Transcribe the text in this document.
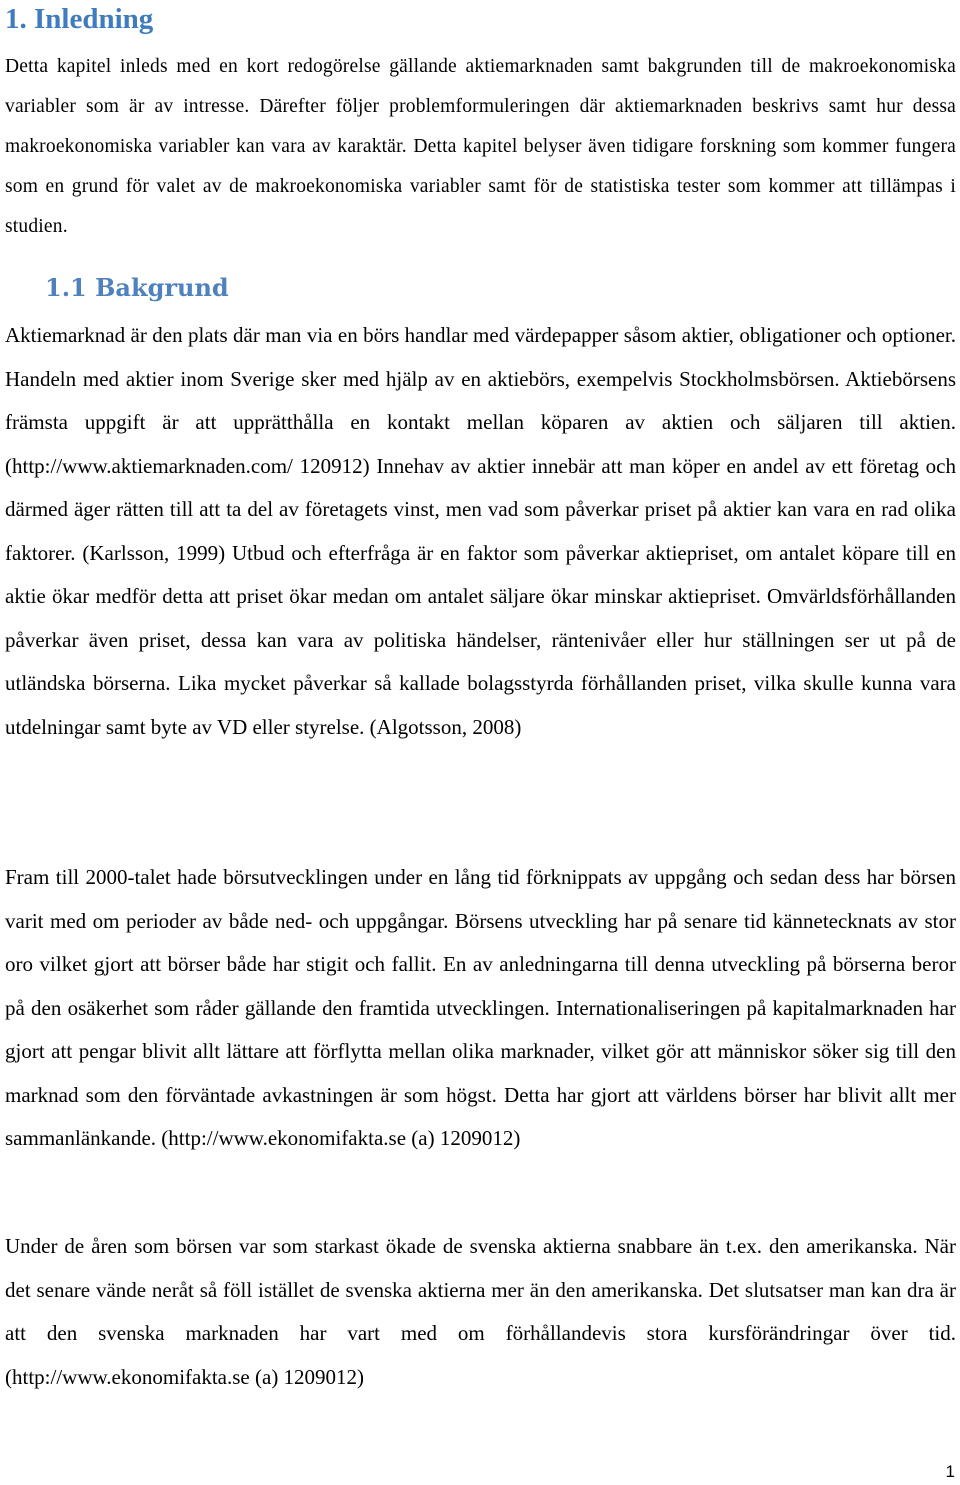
1. Inledning

Detta kapitel inleds med en kort redogörelse gällande aktiemarknaden samt bakgrunden till de makroekonomiska variabler som är av intresse. Därefter följer problemformuleringen där aktiemarknaden beskrivs samt hur dessa makroekonomiska variabler kan vara av karaktär. Detta kapitel belyser även tidigare forskning som kommer fungera som en grund för valet av de makroekonomiska variabler samt för de statistiska tester som kommer att tillämpas i studien.

1.1 Bakgrund

Aktiemarknad är den plats där man via en börs handlar med värdepapper såsom aktier, obligationer och optioner. Handeln med aktier inom Sverige sker med hjälp av en aktiebörs, exempelvis Stockholmsbörsen. Aktiebörsens främsta uppgift är att upprätthålla en kontakt mellan köparen av aktien och säljaren till aktien. (http://www.aktiemarknaden.com/ 120912) Innehav av aktier innebär att man köper en andel av ett företag och därmed äger rätten till att ta del av företagets vinst, men vad som påverkar priset på aktier kan vara en rad olika faktorer. (Karlsson, 1999) Utbud och efterfråga är en faktor som påverkar aktiepriset, om antalet köpare till en aktie ökar medför detta att priset ökar medan om antalet säljare ökar minskar aktiepriset. Omvärldsförhållanden påverkar även priset, dessa kan vara av politiska händelser, räntenivåer eller hur ställningen ser ut på de utländska börserna. Lika mycket påverkar så kallade bolagsstyrda förhållanden priset, vilka skulle kunna vara utdelningar samt byte av VD eller styrelse. (Algotsson, 2008)

Fram till 2000-talet hade börsutvecklingen under en lång tid förknippats av uppgång och sedan dess har börsen varit med om perioder av både ned- och uppgångar. Börsens utveckling har på senare tid kännetecknats av stor oro vilket gjort att börser både har stigit och fallit. En av anledningarna till denna utveckling på börserna beror på den osäkerhet som råder gällande den framtida utvecklingen. Internationaliseringen på kapitalmarknaden har gjort att pengar blivit allt lättare att förflytta mellan olika marknader, vilket gör att människor söker sig till den marknad som den förväntade avkastningen är som högst. Detta har gjort att världens börser har blivit allt mer sammanlänkande. (http://www.ekonomifakta.se (a) 1209012)

Under de åren som börsen var som starkast ökade de svenska aktierna snabbare än t.ex. den amerikanska. När det senare vände neråt så föll istället de svenska aktierna mer än den amerikanska. Det slutsatser man kan dra är att den svenska marknaden har vart med om förhållandevis stora kursförändringar över tid. (http://www.ekonomifakta.se (a) 1209012)

1
